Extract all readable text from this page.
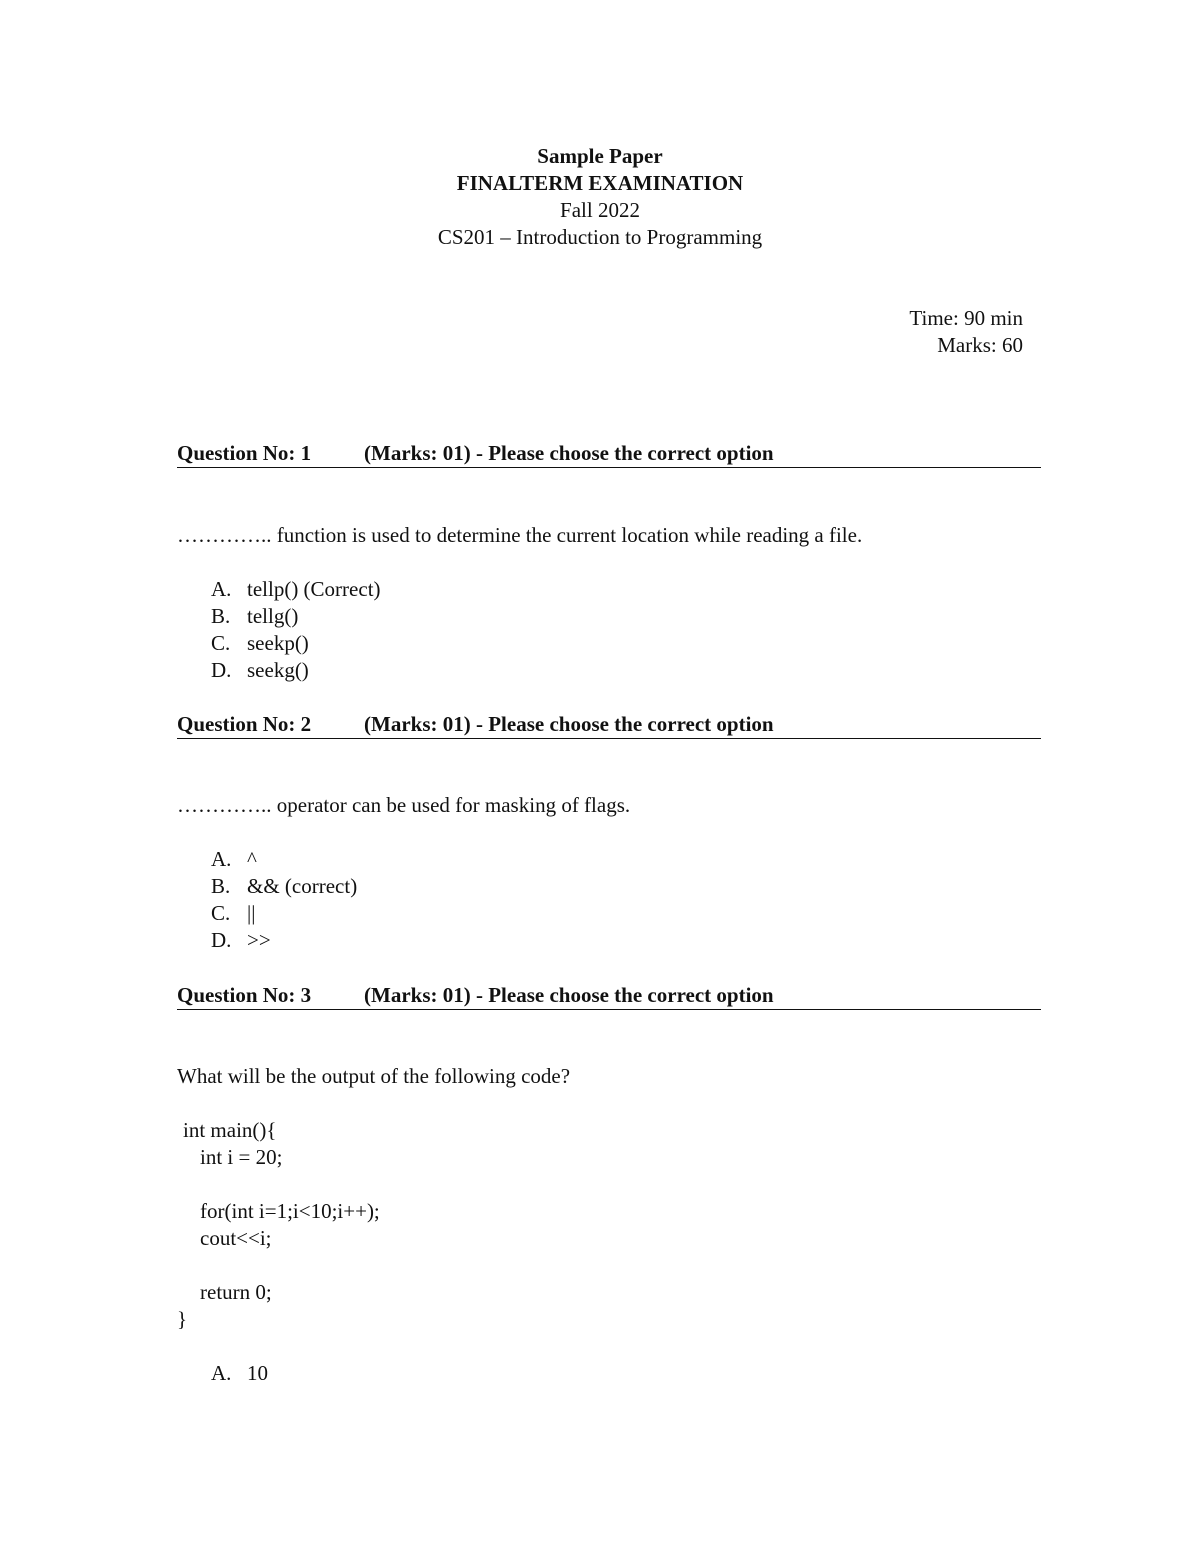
Sample Paper
FINALTERM EXAMINATION
Fall 2022
CS201 – Introduction to Programming
Time: 90 min
Marks: 60
Question No: 1	(Marks: 01) - Please choose the correct option
………….. function is used to determine the current location while reading a file.
A. tellp() (Correct)
B. tellg()
C. seekp()
D. seekg()
Question No: 2	(Marks: 01) - Please choose the correct option
………….. operator can be used for masking of flags.
A. ^
B. && (correct)
C. ||
D. >>
Question No: 3	(Marks: 01) - Please choose the correct option
What will be the output of the following code?
int main(){
int i = 20;
for(int i=1;i<10;i++);
cout<<i;
return 0;
}
A. 10
